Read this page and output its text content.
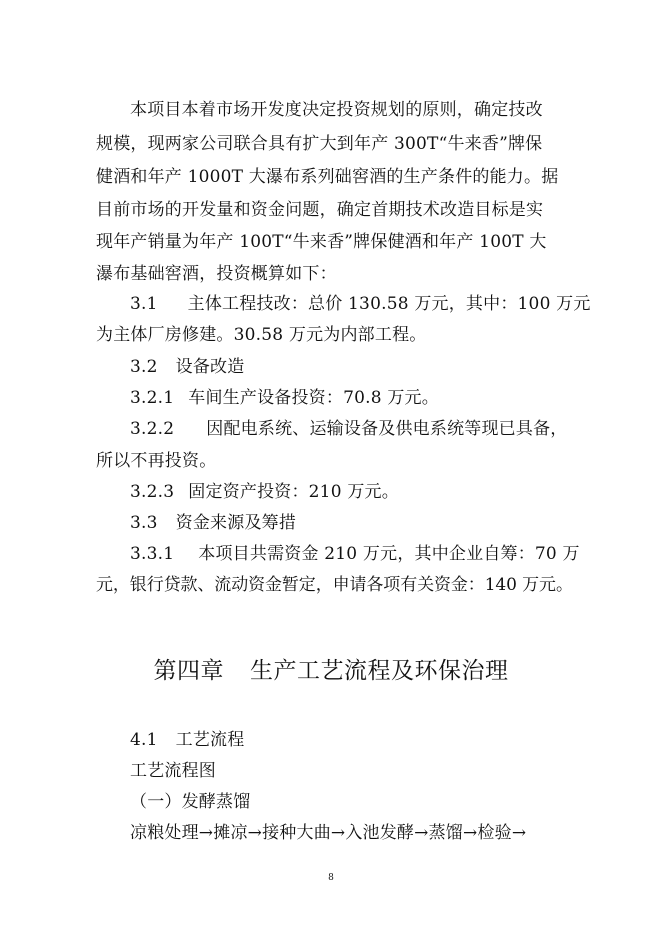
本项目本着市场开发度决定投资规划的原则，确定技改
规模，现两家公司联合具有扩大到年产 300T“牛来香”牌保
健酒和年产 1000T 大瀑布系列础窖酒的生产条件的能力。据
目前市场的开发量和资金问题，确定首期技术改造目标是实
现年产销量为年产 100T“牛来香”牌保健酒和年产 100T 大
瀑布基础窖酒，投资概算如下：
3.1 主体工程技改：总价 130.58 万元，其中：100 万元
为主体厂房修建。30.58 万元为内部工程。
3.2 设备改造
3.2.1 车间生产设备投资：70.8 万元。
3.2.2 因配电系统、运输设备及供电系统等现已具备，
所以不再投资。
3.2.3 固定资产投资：210 万元。
3.3 资金来源及筹措
3.3.1 本项目共需资金 210 万元，其中企业自筹：70 万
元，银行贷款、流动资金暂定，申请各项有关资金：140 万元。
第四章 生产工艺流程及环保治理
4.1 工艺流程
工艺流程图
（一）发酵蒸馏
凉粮处理→摊凉→接种大曲→入池发酵→蒸馏→检验→
8
